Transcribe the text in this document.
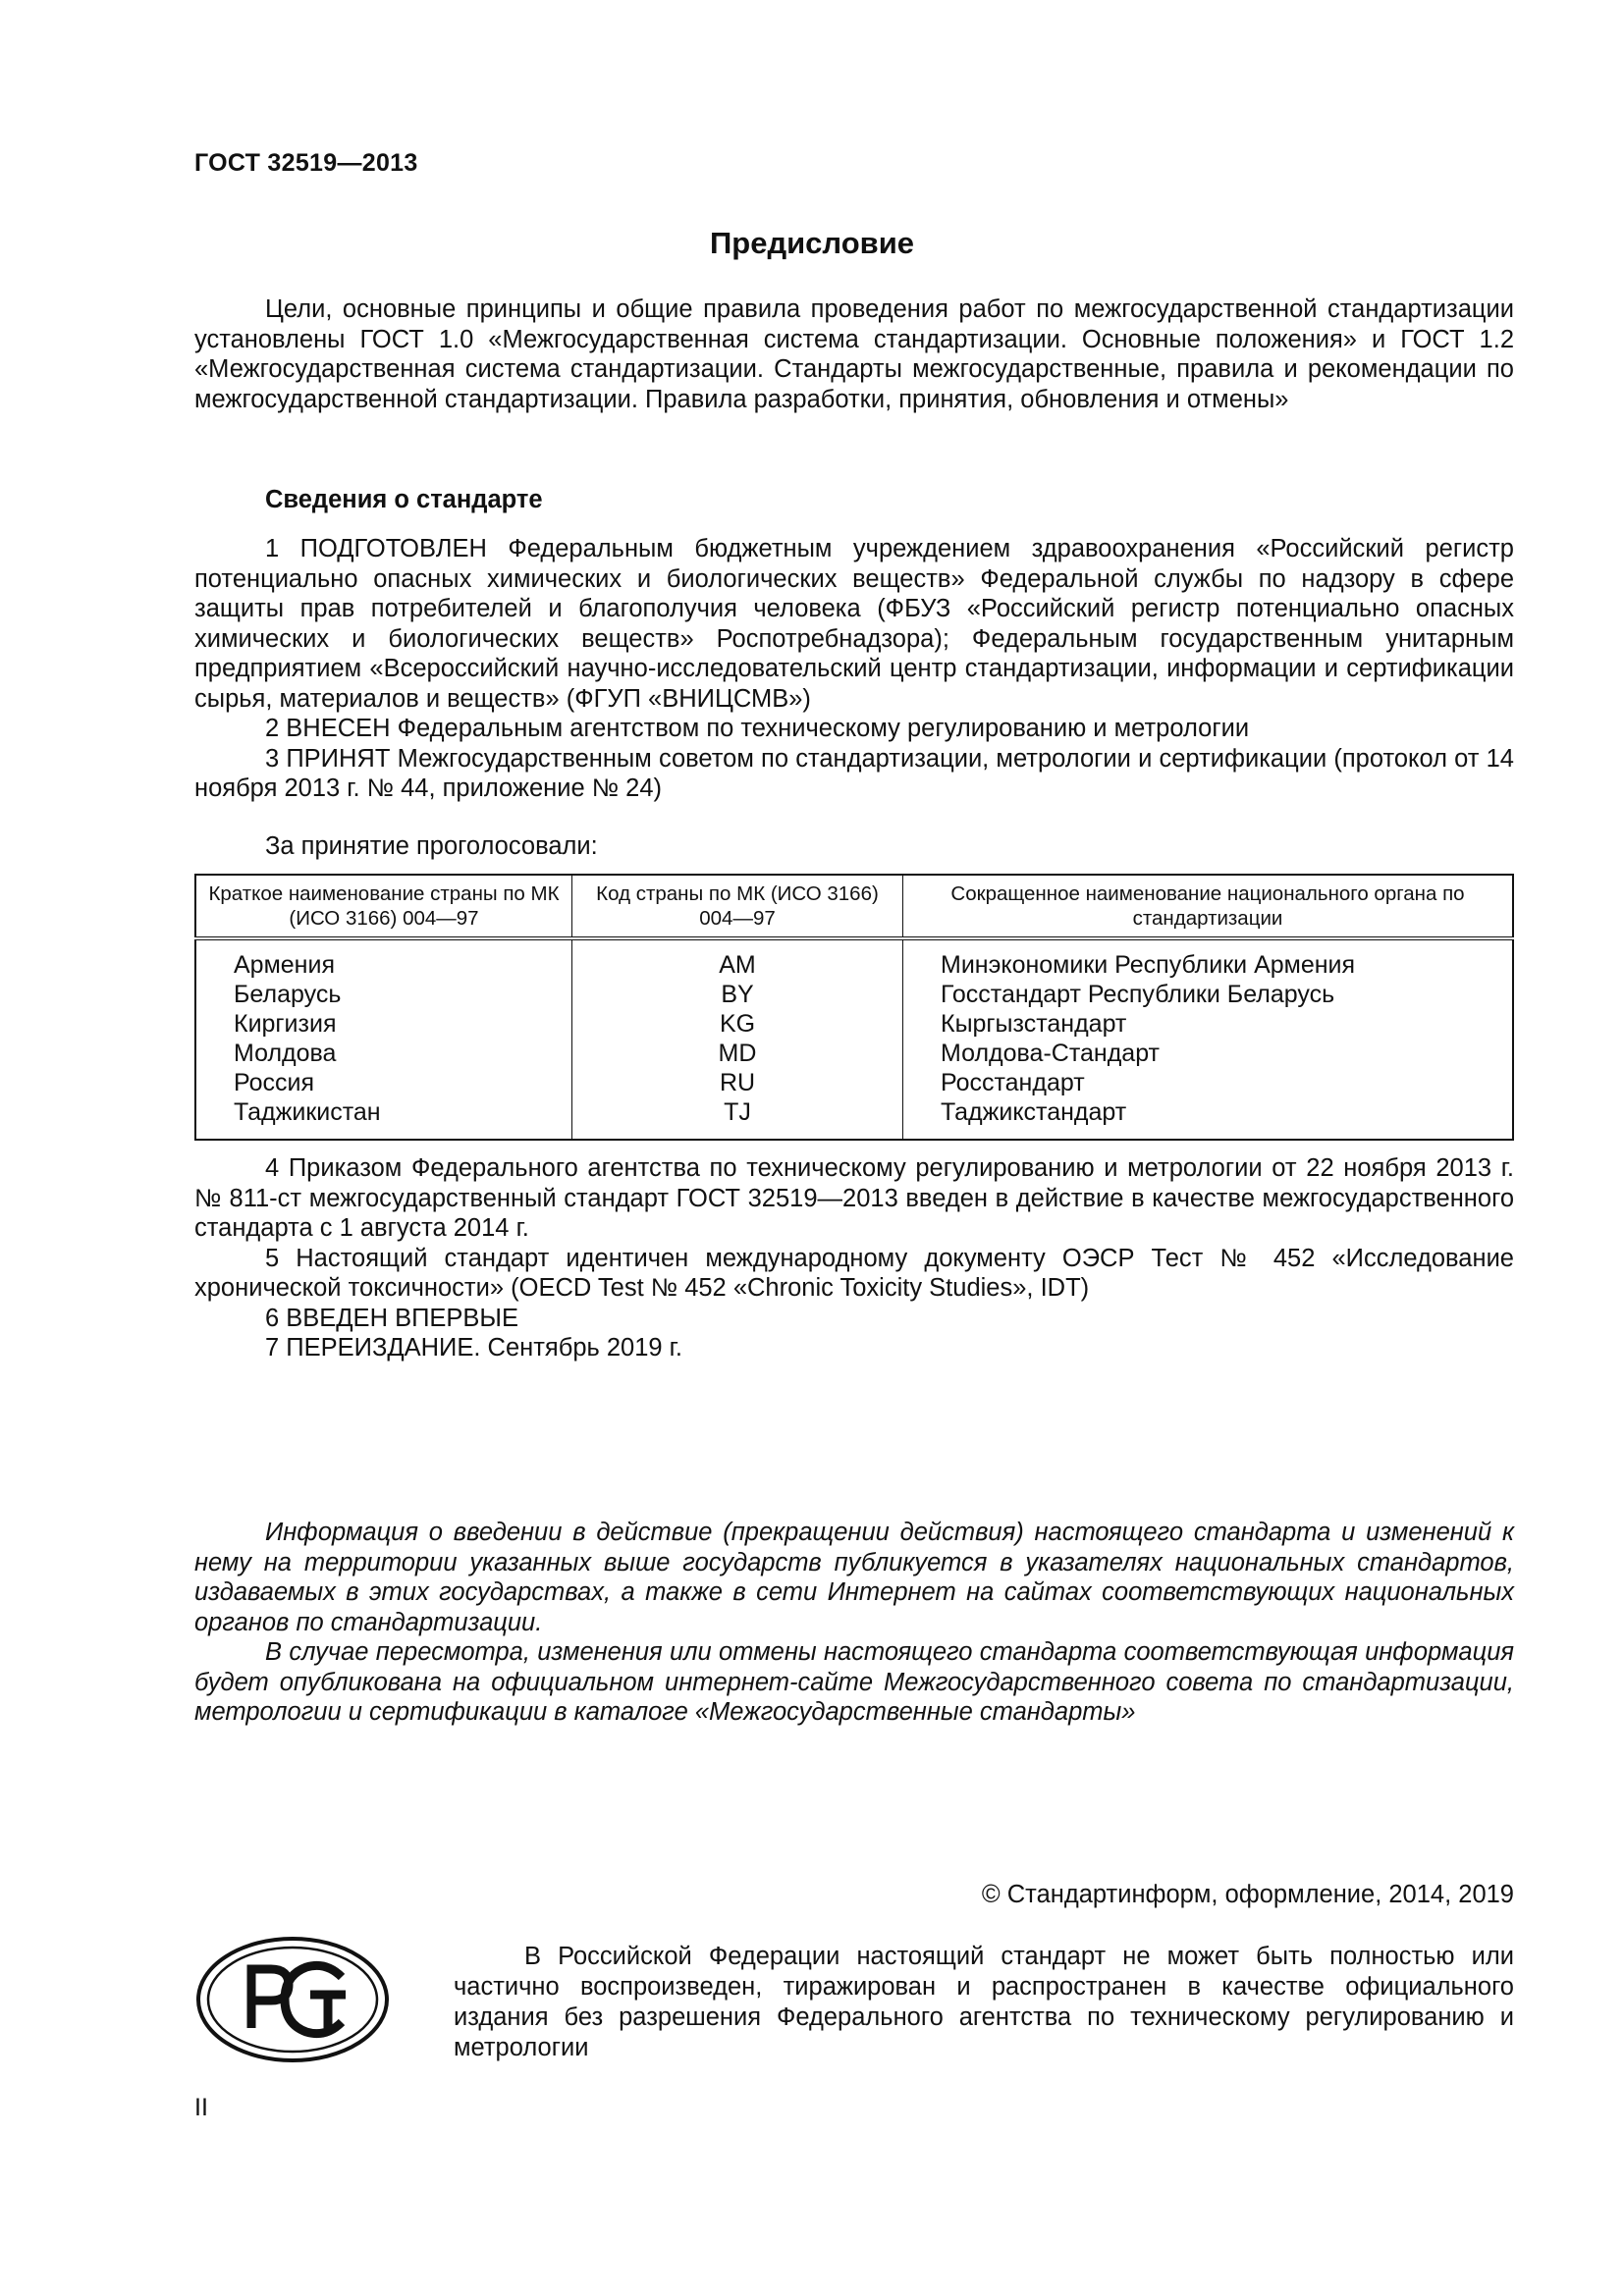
ГОСТ 32519—2013
Предисловие

Цели, основные принципы и общие правила проведения работ по межгосударственной стандартизации установлены ГОСТ 1.0 «Межгосударственная система стандартизации. Основные положения» и ГОСТ 1.2 «Межгосударственная система стандартизации. Стандарты межгосударственные, правила и рекомендации по межгосударственной стандартизации. Правила разработки, принятия, обновления и отмены»

Сведения о стандарте

1 ПОДГОТОВЛЕН Федеральным бюджетным учреждением здравоохранения «Российский регистр потенциально опасных химических и биологических веществ» Федеральной службы по надзору в сфере защиты прав потребителей и благополучия человека (ФБУЗ «Российский регистр потенциально опасных химических и биологических веществ» Роспотребнадзора); Федеральным государственным унитарным предприятием «Всероссийский научно-исследовательский центр стандартизации, информации и сертификации сырья, материалов и веществ» (ФГУП «ВНИЦСМВ»)

2 ВНЕСЕН Федеральным агентством по техническому регулированию и метрологии

3 ПРИНЯТ Межгосударственным советом по стандартизации, метрологии и сертификации (протокол от 14 ноября 2013 г. № 44, приложение № 24)

За принятие проголосовали:
Краткое наименование страны по МК (ИСО 3166) 004—97	Код страны по МК (ИСО 3166) 004—97	Сокращенное наименование национального органа по стандартизации
Армения	AM	Минэкономики Республики Армения
Беларусь	BY	Госстандарт Республики Беларусь
Киргизия	KG	Кыргызстандарт
Молдова	MD	Молдова-Стандарт
Россия	RU	Росстандарт
Таджикистан	TJ	Таджикстандарт

4 Приказом Федерального агентства по техническому регулированию и метрологии от 22 ноября 2013 г. № 811-ст межгосударственный стандарт ГОСТ 32519—2013 введен в действие в качестве межгосударственного стандарта с 1 августа 2014 г.

5 Настоящий стандарт идентичен международному документу ОЭСР Тест № 452 «Исследование хронической токсичности» (OECD Test № 452 «Chronic Toxicity Studies», IDT)

6 ВВЕДЕН ВПЕРВЫЕ

7 ПЕРЕИЗДАНИЕ. Сентябрь 2019 г.

Информация о введении в действие (прекращении действия) настоящего стандарта и изменений к нему на территории указанных выше государств публикуется в указателях национальных стандартов, издаваемых в этих государствах, а также в сети Интернет на сайтах соответствующих национальных органов по стандартизации.

В случае пересмотра, изменения или отмены настоящего стандарта соответствующая информация будет опубликована на официальном интернет-сайте Межгосударственного совета по стандартизации, метрологии и сертификации в каталоге «Межгосударственные стандарты»

© Стандартинформ, оформление, 2014, 2019

В Российской Федерации настоящий стандарт не может быть полностью или частично воспроизведен, тиражирован и распространен в качестве официального издания без разрешения Федерального агентства по техническому регулированию и метрологии

II
